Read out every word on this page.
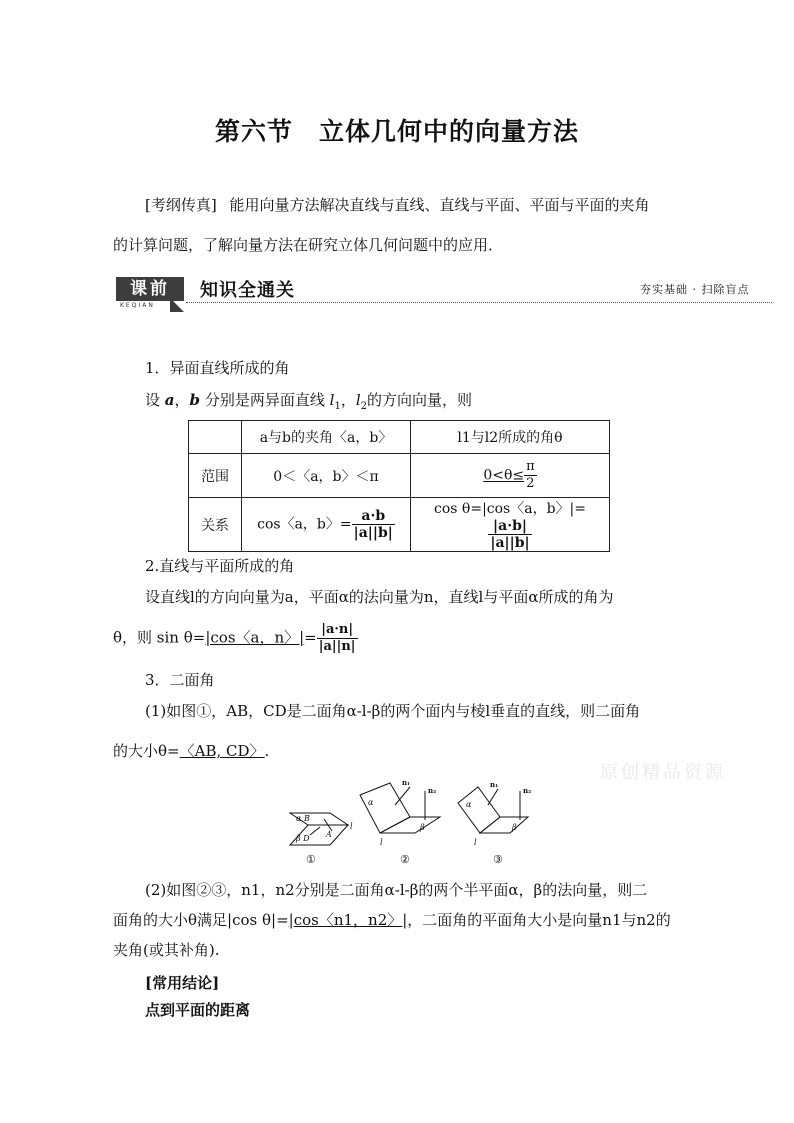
第六节　立体几何中的向量方法
[考纲传真] 能用向量方法解决直线与直线、直线与平面、平面与平面的夹角
的计算问题，了解向量方法在研究立体几何问题中的应用．
课前
KEQIAN
知识全通关	夯实基础 · 扫除盲点
1．异面直线所成的角
设 a，b 分别是两异面直线 $l_1$，$l_2$的方向向量，则
	a与b的夹角〈a，b〉	l1与l2所成的角θ
范围	0＜〈a，b〉＜π	$0<\theta\le \frac{\pi}{2}$

关系	cos〈a，b〉= $\frac{a\cdot b}{|a||b|}$	cos θ=|cos〈a，b〉|=
$\frac{|a\cdot b|}{|a||b|}$
2.直线与平面所成的角
设直线l的方向向量为a，平面α的法向量为n，直线l与平面α所成的角为
θ，则 sin θ=|cos〈a，n〉|= $\frac{|a\cdot n|}{|a||n|}$
3．二面角
(1)如图①，AB，CD是二面角α-l-β的两个面内与棱l垂直的直线，则二面角
的大小θ=〈AB, CD〉.
α B
β D A
l
①
α
β
n₁
n₂
l
②
α
β
n₁
n₂
l
③
原创精品资源
(2)如图②③，n1，n2分别是二面角α-l-β的两个半平面α，β的法向量，则二
面角的大小θ满足|cos θ|=|cos〈n1，n2〉|，二面角的平面角大小是向量n1与n2的
夹角(或其补角).
[常用结论]
点到平面的距离
